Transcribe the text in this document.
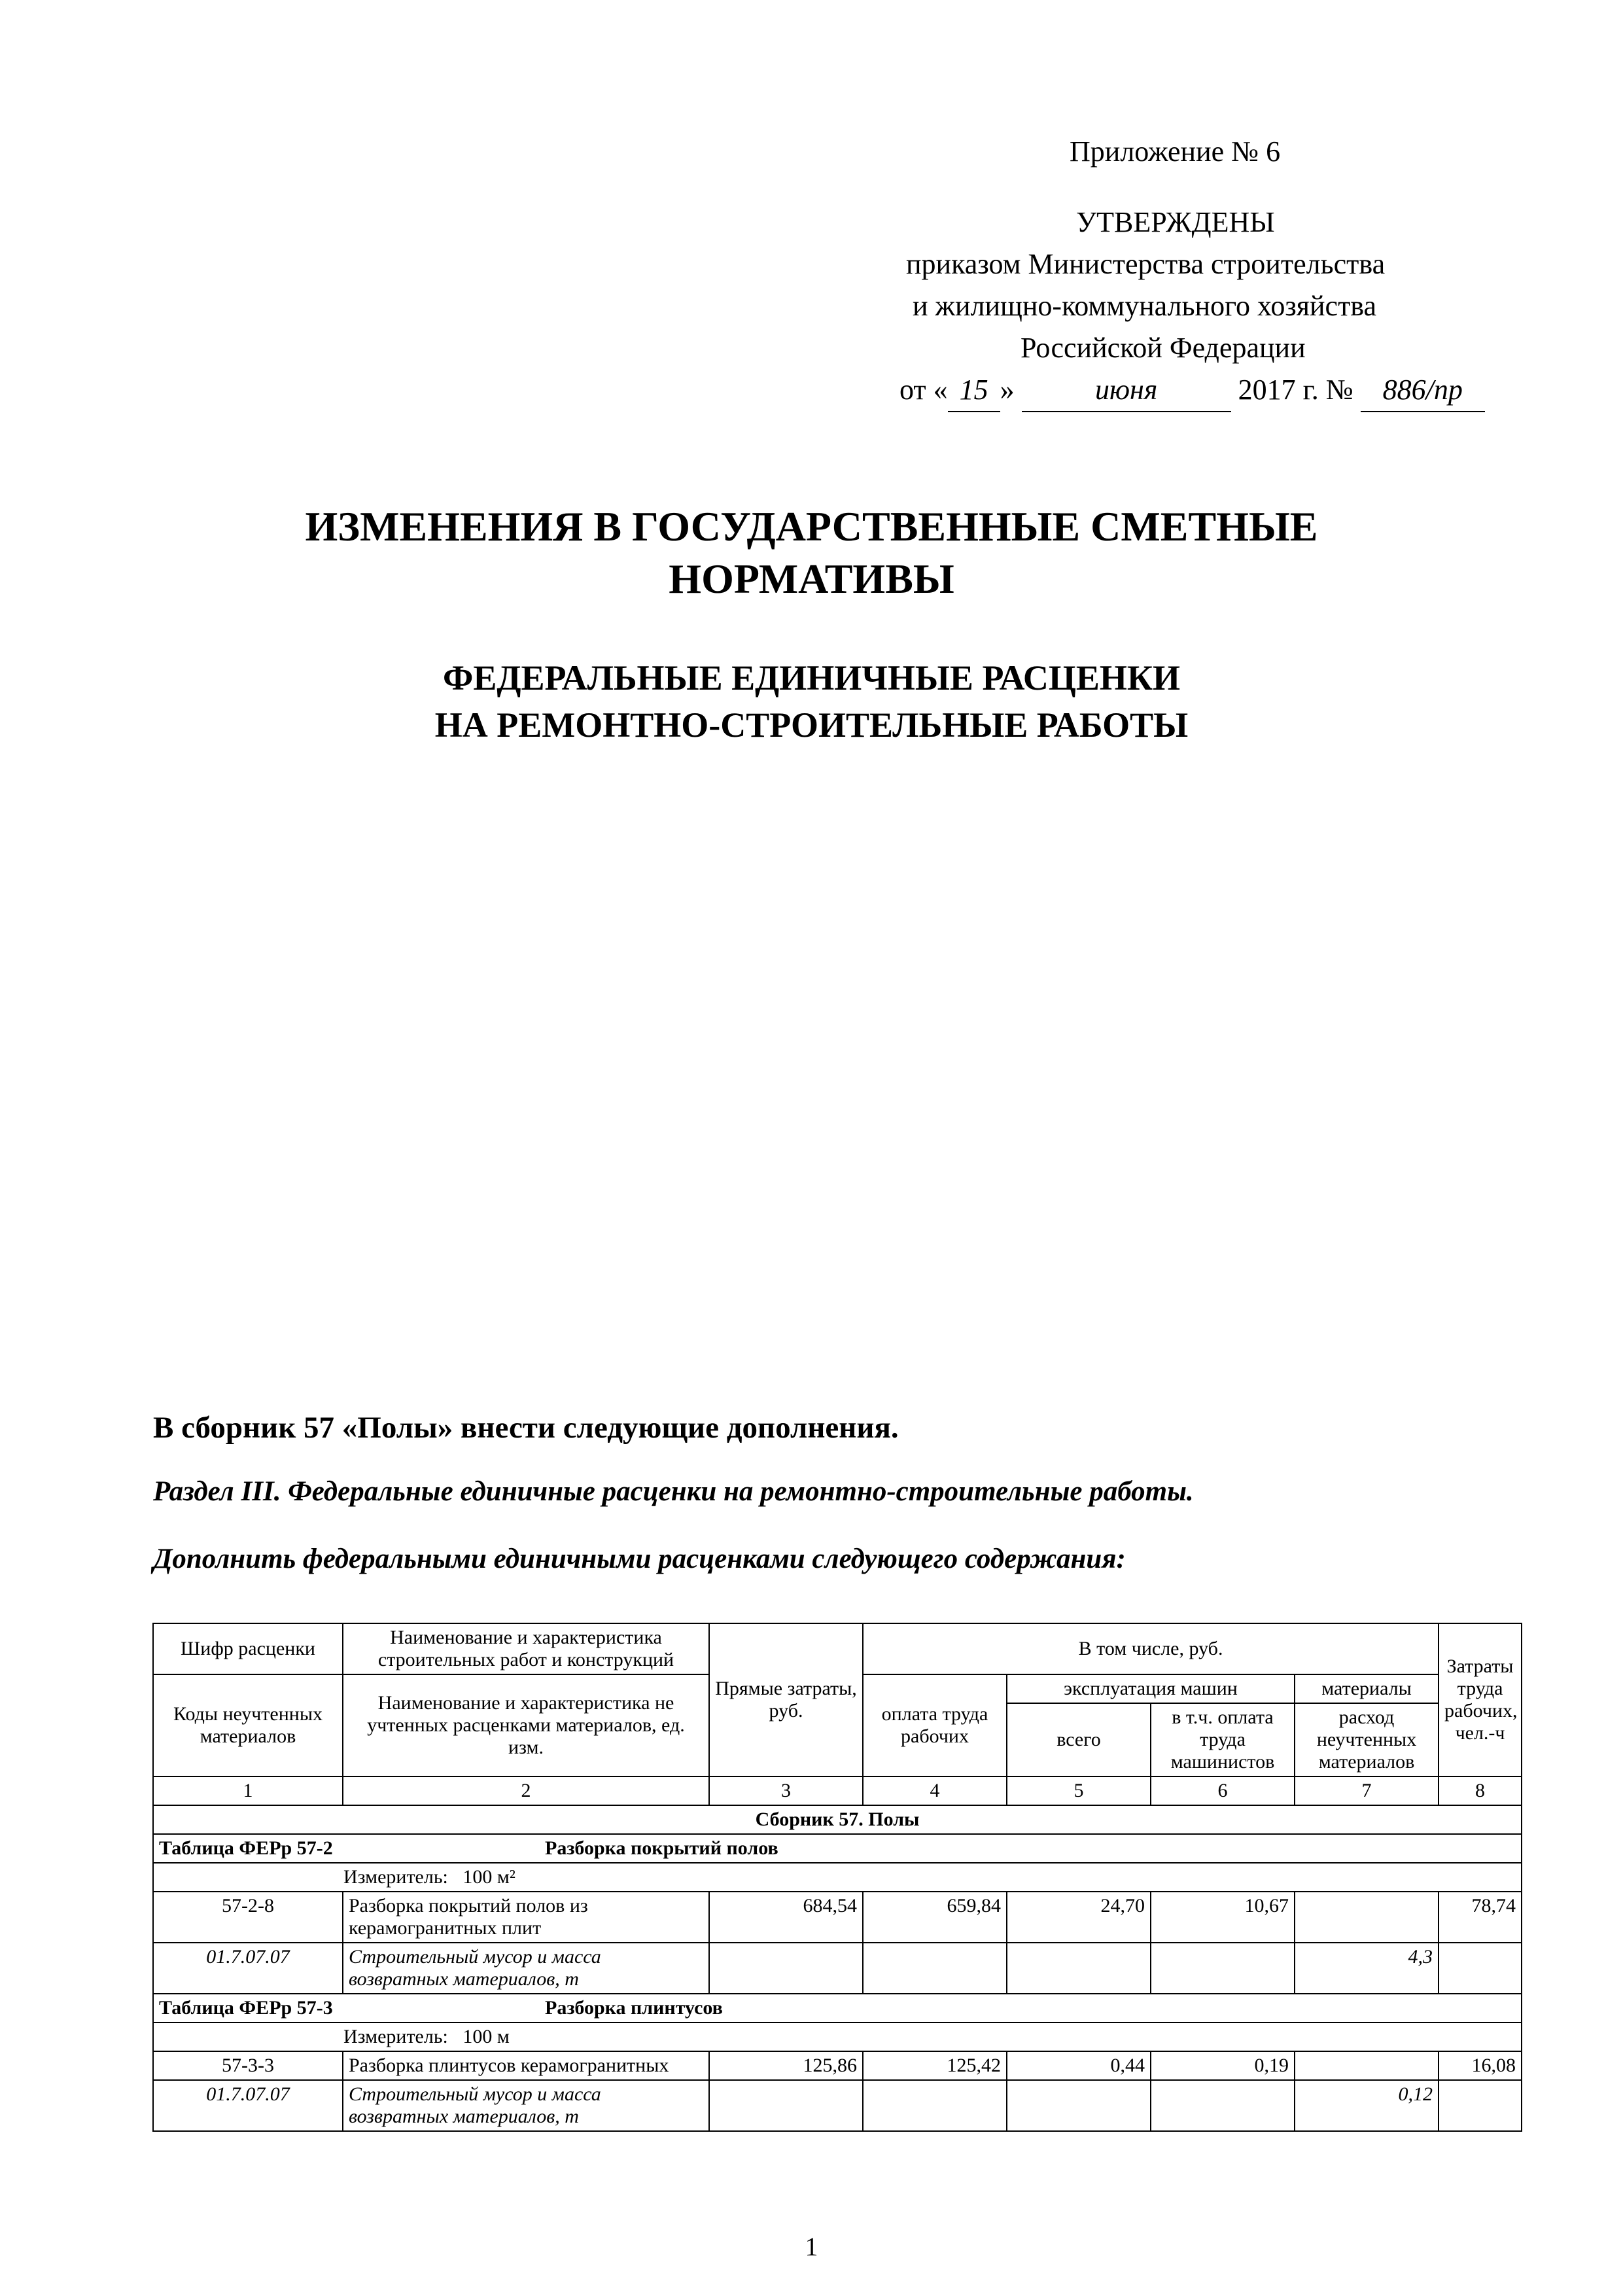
Приложение № 6
УТВЕРЖДЕНЫ
приказом Министерства строительства
и жилищно-коммунального хозяйства
Российской Федерации
от « 15 »	июня	2017 г. № 886/пр
ИЗМЕНЕНИЯ В ГОСУДАРСТВЕННЫЕ СМЕТНЫЕ
НОРМАТИВЫ
ФЕДЕРАЛЬНЫЕ ЕДИНИЧНЫЕ РАСЦЕНКИ
НА РЕМОНТНО-СТРОИТЕЛЬНЫЕ РАБОТЫ
В сборник 57 «Полы» внести следующие дополнения.
Раздел III. Федеральные единичные расценки на ремонтно-строительные работы.
Дополнить федеральными единичными расценками следующего содержания:
Шифр расценки	Наименование и характеристика строительных работ и конструкций	Прямые затраты, руб.	В том числе, руб.				Затраты труда рабочих, чел.-ч
Коды неучтенных материалов	Наименование и характеристика не учтенных расценками материалов, ед. изм.		оплата труда рабочих	эксплуатация машин		материалы	
				всего	в т.ч. оплата труда машинистов	расход неучтенных материалов	
1	2	3	4	5	6	7	8
Сборник 57. Полы							
Таблица ФЕРр 57-2 Разборка покрытий полов							
Измеритель: 100 м²							
57-2-8	Разборка покрытий полов из керамогранитных плит	684,54	659,84	24,70	10,67		78,74
01.7.07.07	Строительный мусор и масса возвратных материалов, т					4,3	
Таблица ФЕРр 57-3 Разборка плинтусов							
Измеритель: 100 м							
57-3-3	Разборка плинтусов керамогранитных	125,86	125,42	0,44	0,19		16,08
01.7.07.07	Строительный мусор и масса возвратных материалов, т					0,12	
1
